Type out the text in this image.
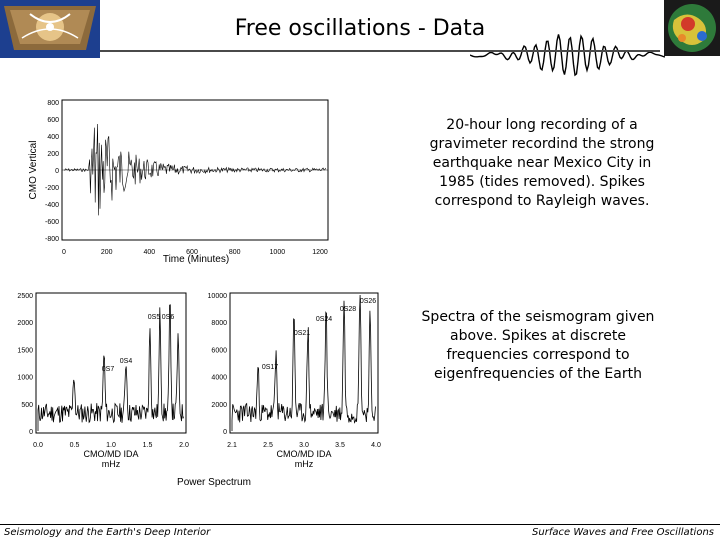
Free oscillations - Data
800
600
400
200
0
-200
-400
-600
-800
0	200	400	600	800	1000	1200
CMO Vertical
Time (Minutes)
20-hour long recording of a gravimeter recordind the strong earthquake near Mexico City in 1985 (tides removed). Spikes correspond to Rayleigh waves.
2500
2000
1500
1000
500
0
0.0	0.5	1.0	1.5	2.0
10000
8000
6000
4000
2000
0
2.1	2.5	3.0	3.5	4.0
0S4
0S5 0S6
0S7
0S21
0S24
0S26
0S28
0S17
CMO/MD IDA
mHz
CMO/MD IDA
mHz
Power Spectrum
Spectra of the seismogram given above. Spikes at discrete frequencies correspond to eigenfrequencies of the Earth
Seismology and the Earth's Deep Interior	Surface Waves and Free Oscillations
